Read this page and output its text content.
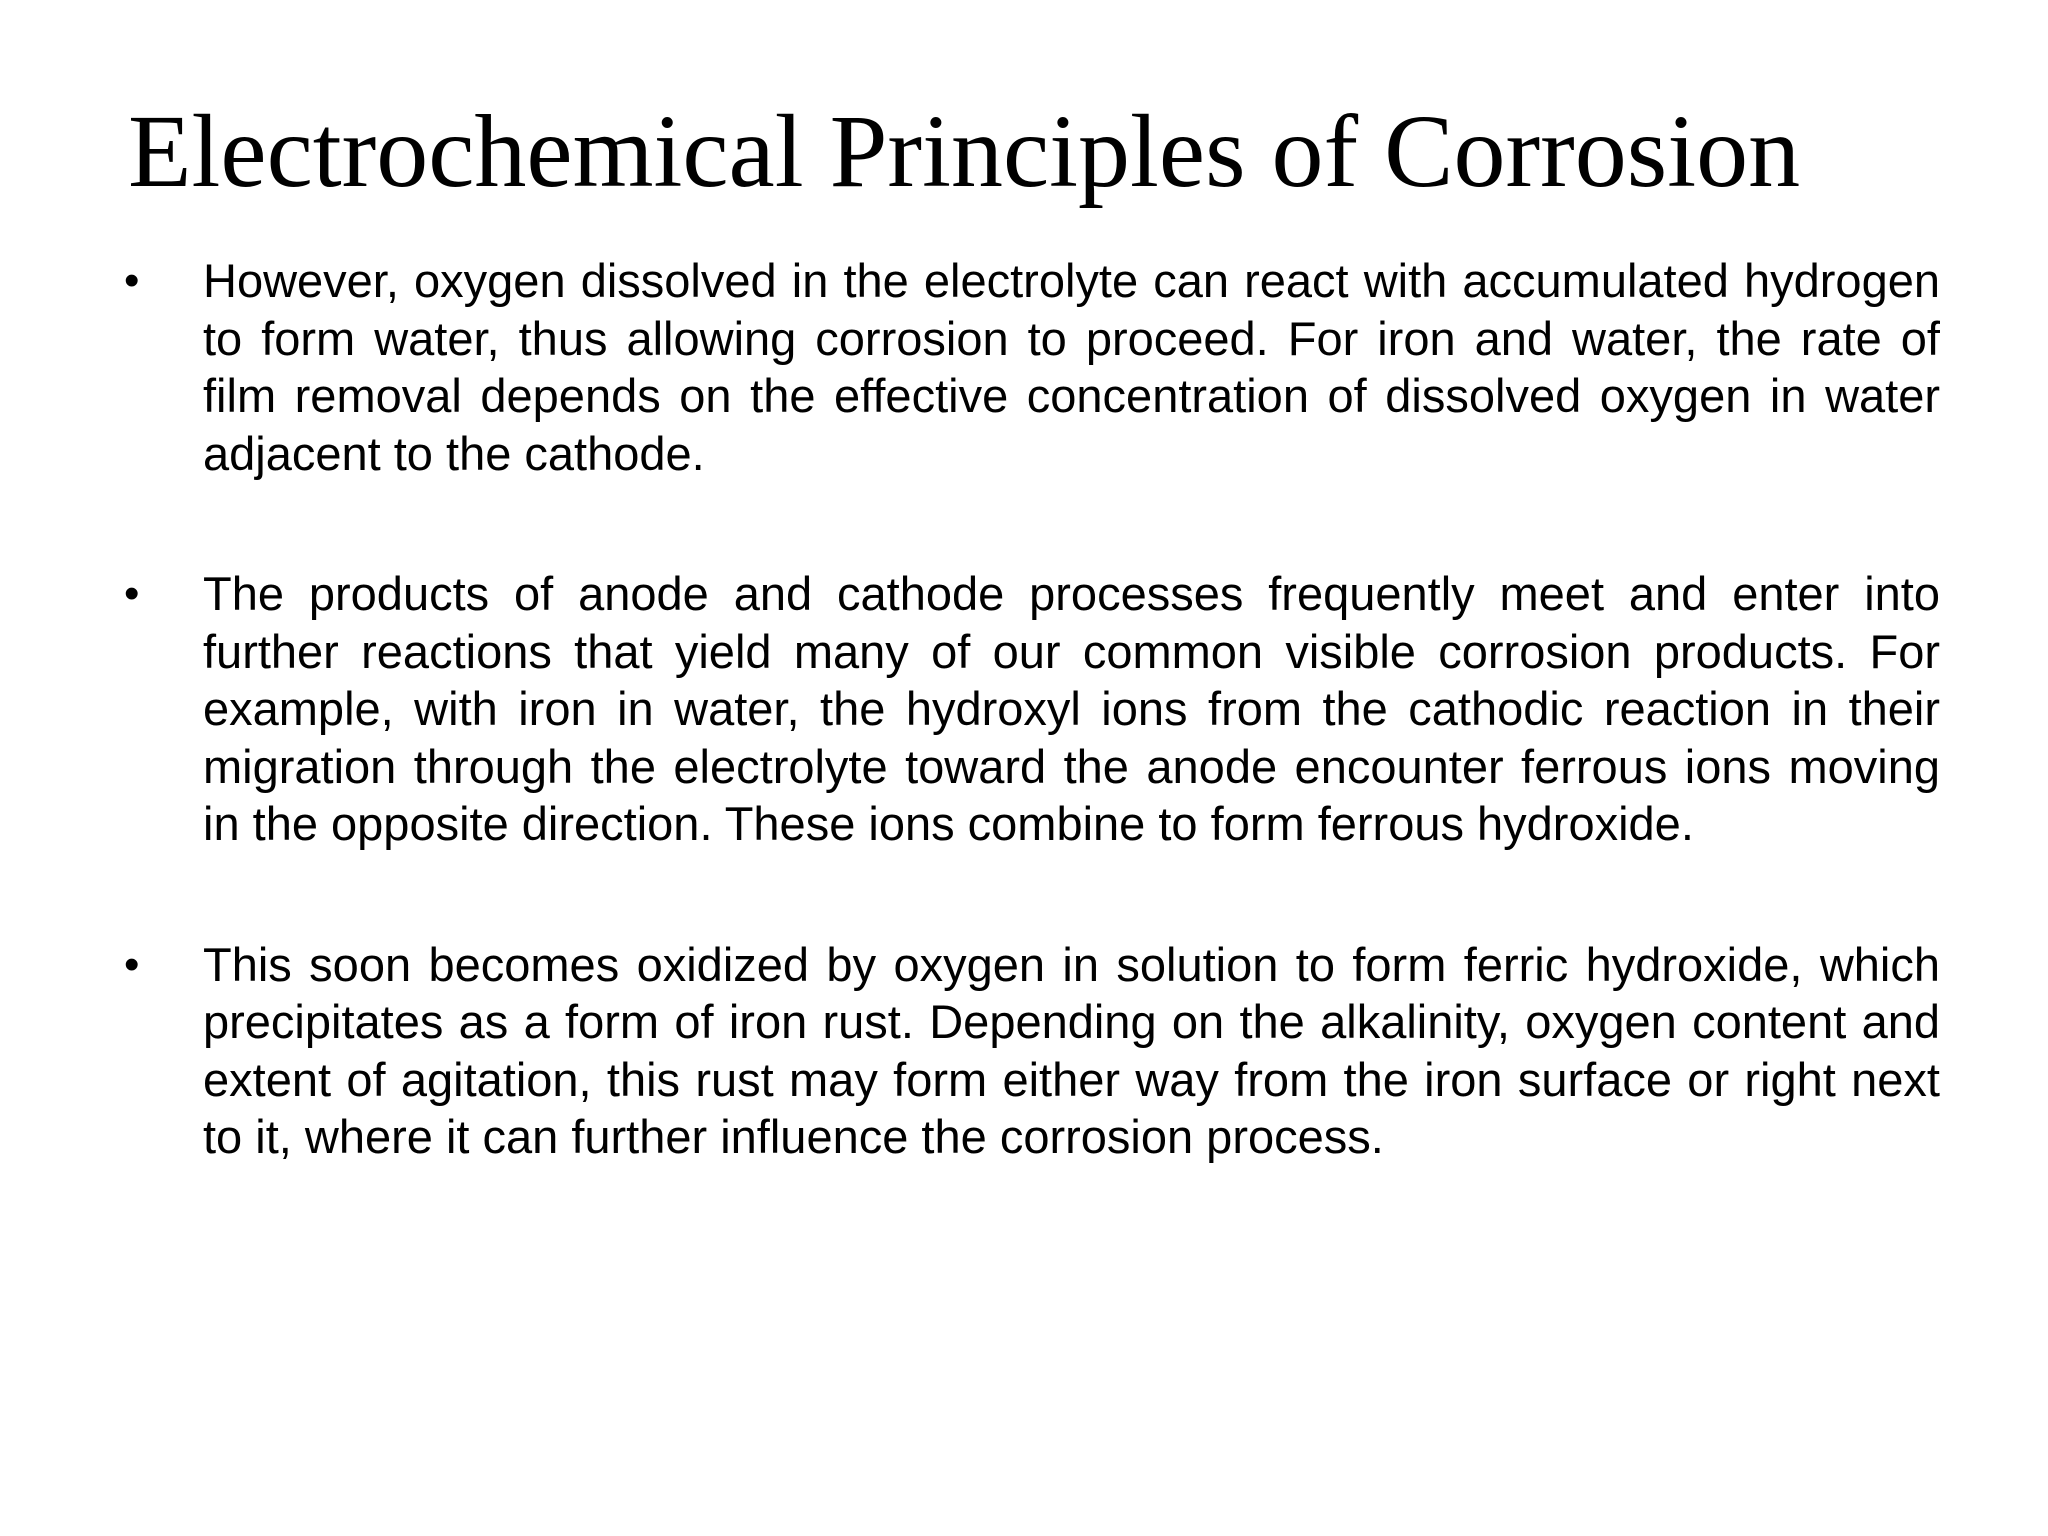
Electrochemical Principles of Corrosion
• However, oxygen dissolved in the electrolyte can react with accumulated hydrogen to form water, thus allowing corrosion to proceed. For iron and water, the rate of film removal depends on the effective concentration of dissolved oxygen in water adjacent to the cathode.
• The products of anode and cathode processes frequently meet and enter into further reactions that yield many of our common visible corrosion products. For example, with iron in water, the hydroxyl ions from the cathodic reaction in their migration through the electrolyte toward the anode encounter ferrous ions moving in the opposite direction. These ions combine to form ferrous hydroxide.
• This soon becomes oxidized by oxygen in solution to form ferric hydroxide, which precipitates as a form of iron rust. Depending on the alkalinity, oxygen content and extent of agitation, this rust may form either way from the iron surface or right next to it, where it can further influence the corrosion process.
